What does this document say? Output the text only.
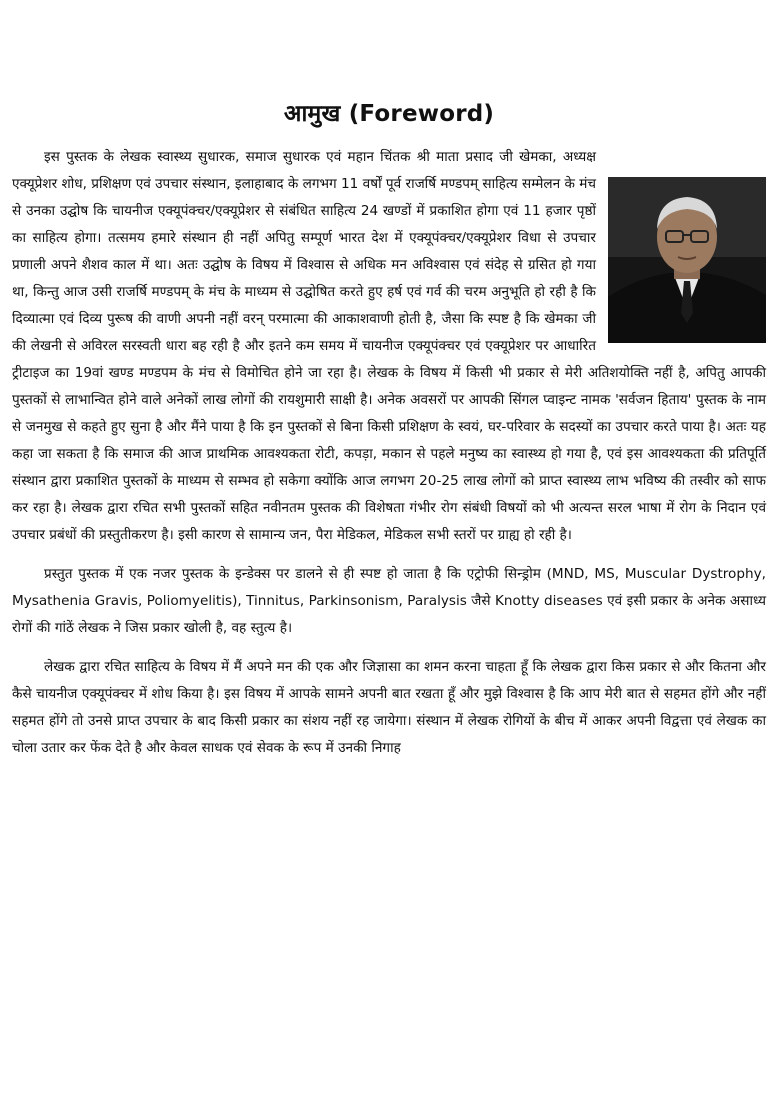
आमुख (Foreword)

इस पुस्तक के लेखक स्वास्थ्य सुधारक, समाज सुधारक एवं महान चिंतक श्री माता प्रसाद जी खेमका, अध्यक्ष एक्यूप्रेशर शोध, प्रशिक्षण एवं उपचार संस्थान, इलाहाबाद के लगभग 11 वर्षों पूर्व राजर्षि मण्डपम् साहित्य सम्मेलन के मंच से उनका उद्घोष कि चायनीज एक्यूपंक्चर/एक्यूप्रेशर से संबंधित साहित्य 24 खण्डों में प्रकाशित होगा एवं 11 हजार पृष्ठों का साहित्य होगा। तत्समय हमारे संस्थान ही नहीं अपितु सम्पूर्ण भारत देश में एक्यूपंक्चर/एक्यूप्रेशर विधा से उपचार प्रणाली अपने शैशव काल में था। अतः उद्घोष के विषय में विश्वास से अधिक मन अविश्वास एवं संदेह से ग्रसित हो गया था, किन्तु आज उसी राजर्षि मण्डपम् के मंच के माध्यम से उद्घोषित करते हुए हर्ष एवं गर्व की चरम अनुभूति हो रही है कि दिव्यात्मा एवं दिव्य पुरूष की वाणी अपनी नहीं वरन् परमात्मा की आकाशवाणी होती है, जैसा कि स्पष्ट है कि खेमका जी की लेखनी से अविरल सरस्वती धारा बह रही है और इतने कम समय में चायनीज एक्यूपंक्चर एवं एक्यूप्रेशर पर आधारित ट्रीटाइज का 19वां खण्ड मण्डपम के मंच से विमोचित होने जा रहा है। लेखक के विषय में किसी भी प्रकार से मेरी अतिशयोक्ति नहीं है, अपितु आपकी पुस्तकों से लाभान्वित होने वाले अनेकों लाख लोगों की रायशुमारी साक्षी है। अनेक अवसरों पर आपकी सिंगल प्वाइन्ट नामक 'सर्वजन हिताय' पुस्तक के नाम से जनमुख से कहते हुए सुना है और मैंने पाया है कि इन पुस्तकों से बिना किसी प्रशिक्षण के स्वयं, घर-परिवार के सदस्यों का उपचार करते पाया है। अतः यह कहा जा सकता है कि समाज की आज प्राथमिक आवश्यकता रोटी, कपड़ा, मकान से पहले मनुष्य का स्वास्थ्य हो गया है, एवं इस आवश्यकता की प्रतिपूर्ति संस्थान द्वारा प्रकाशित पुस्तकों के माध्यम से सम्भव हो सकेगा क्योंकि आज लगभग 20-25 लाख लोगों को प्राप्त स्वास्थ्य लाभ भविष्य की तस्वीर को साफ कर रहा है। लेखक द्वारा रचित सभी पुस्तकों सहित नवीनतम पुस्तक की विशेषता गंभीर रोग संबंधी विषयों को भी अत्यन्त सरल भाषा में रोग के निदान एवं उपचार प्रबंधों की प्रस्तुतीकरण है। इसी कारण से सामान्य जन, पैरा मेडिकल, मेडिकल सभी स्तरों पर ग्राह्य हो रही है।

प्रस्तुत पुस्तक में एक नजर पुस्तक के इन्डेक्स पर डालने से ही स्पष्ट हो जाता है कि एट्रोफी सिन्ड्रोम (MND, MS, Muscular Dystrophy, Mysathenia Gravis, Poliomyelitis), Tinnitus, Parkinsonism, Paralysis जैसे Knotty diseases एवं इसी प्रकार के अनेक असाध्य रोगों की गांठें लेखक ने जिस प्रकार खोली है, वह स्तुत्य है।

लेखक द्वारा रचित साहित्य के विषय में मैं अपने मन की एक और जिज्ञासा का शमन करना चाहता हूँ कि लेखक द्वारा किस प्रकार से और कितना और कैसे चायनीज एक्यूपंक्चर में शोध किया है। इस विषय में आपके सामने अपनी बात रखता हूँ और मुझे विश्वास है कि आप मेरी बात से सहमत होंगे और नहीं सहमत होंगे तो उनसे प्राप्त उपचार के बाद किसी प्रकार का संशय नहीं रह जायेगा। संस्थान में लेखक रोगियों के बीच में आकर अपनी विद्वत्ता एवं लेखक का चोला उतार कर फेंक देते है और केवल साधक एवं सेवक के रूप में उनकी निगाह
